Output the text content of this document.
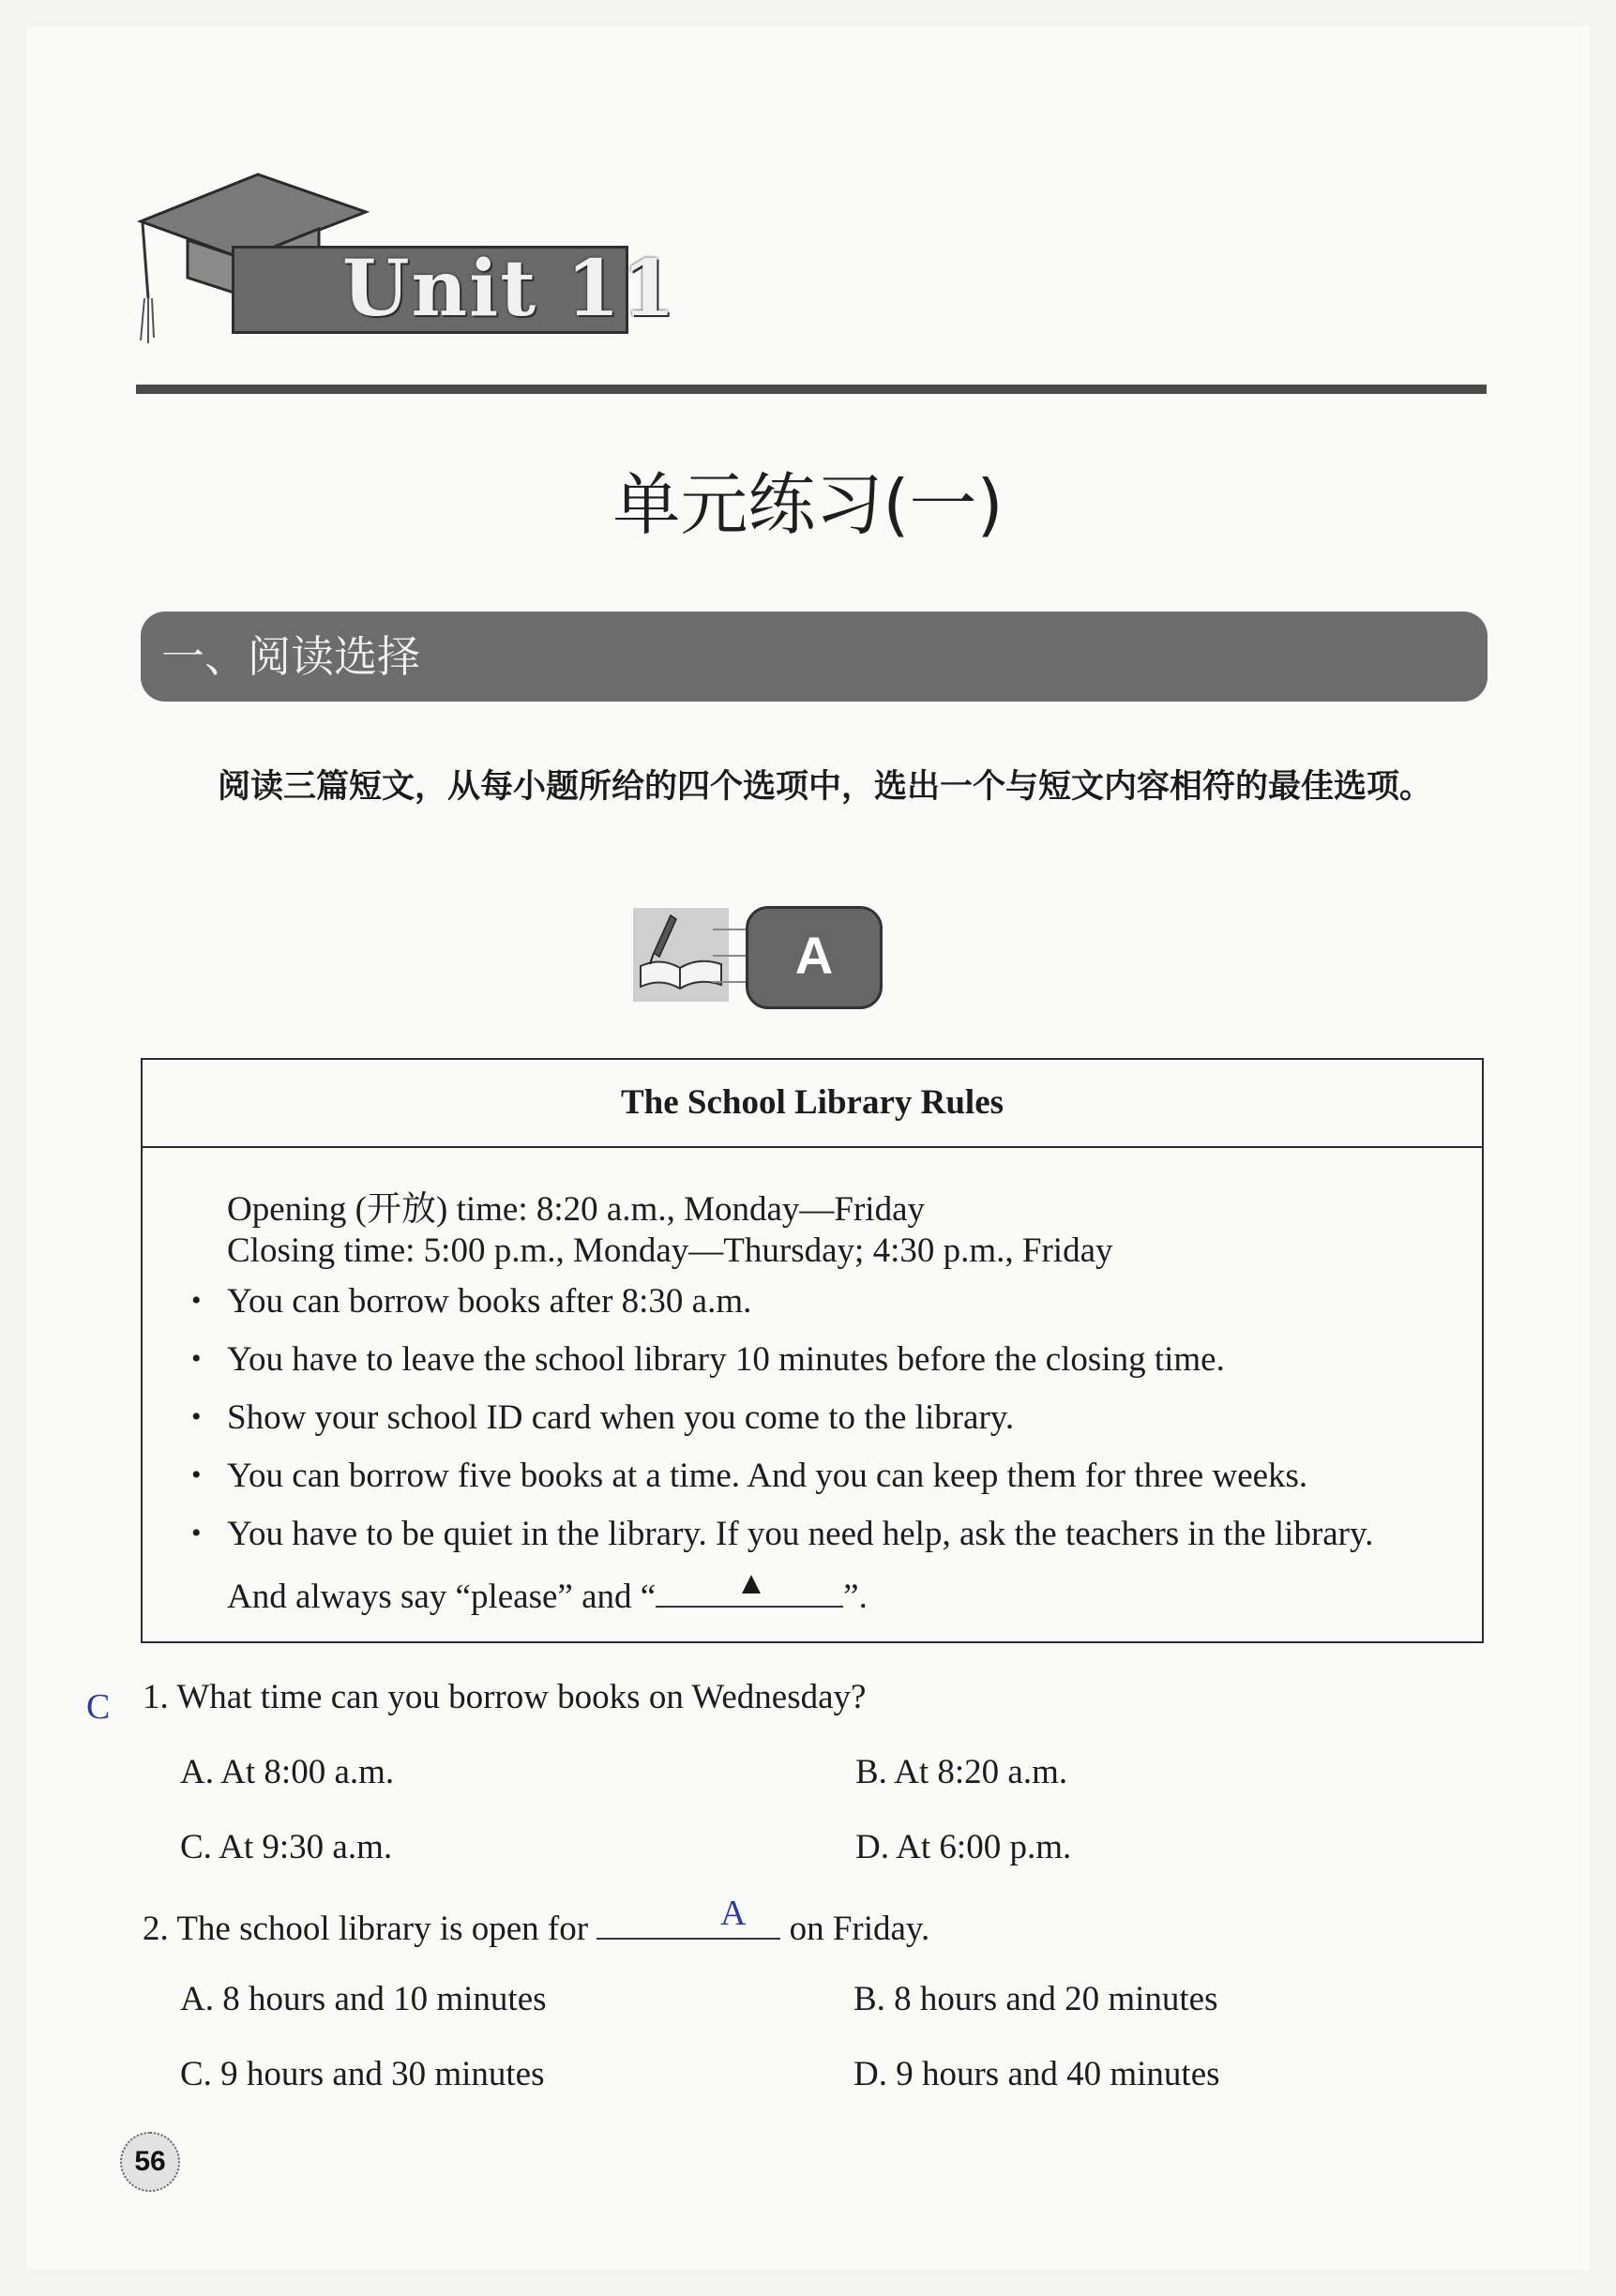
Unit 11
单元练习(一)
一、阅读选择
阅读三篇短文，从每小题所给的四个选项中，选出一个与短文内容相符的最佳选项。
A
The School Library Rules
Opening (开放) time: 8:20 a.m., Monday—Friday
Closing time: 5:00 p.m., Monday—Thursday; 4:30 p.m., Friday
• You can borrow books after 8:30 a.m.
• You have to leave the school library 10 minutes before the closing time.
• Show your school ID card when you come to the library.
• You can borrow five books at a time. And you can keep them for three weeks.
• You have to be quiet in the library. If you need help, ask the teachers in the library.
And always say “please” and “	▲ ”.
C 1. What time can you borrow books on Wednesday?
A. At 8:00 a.m.	B. At 8:20 a.m.
C. At 9:30 a.m.	D. At 6:00 p.m.
2. The school library is open for	on Friday.
A
A. 8 hours and 10 minutes	B. 8 hours and 20 minutes
C. 9 hours and 30 minutes	D. 9 hours and 40 minutes
56
